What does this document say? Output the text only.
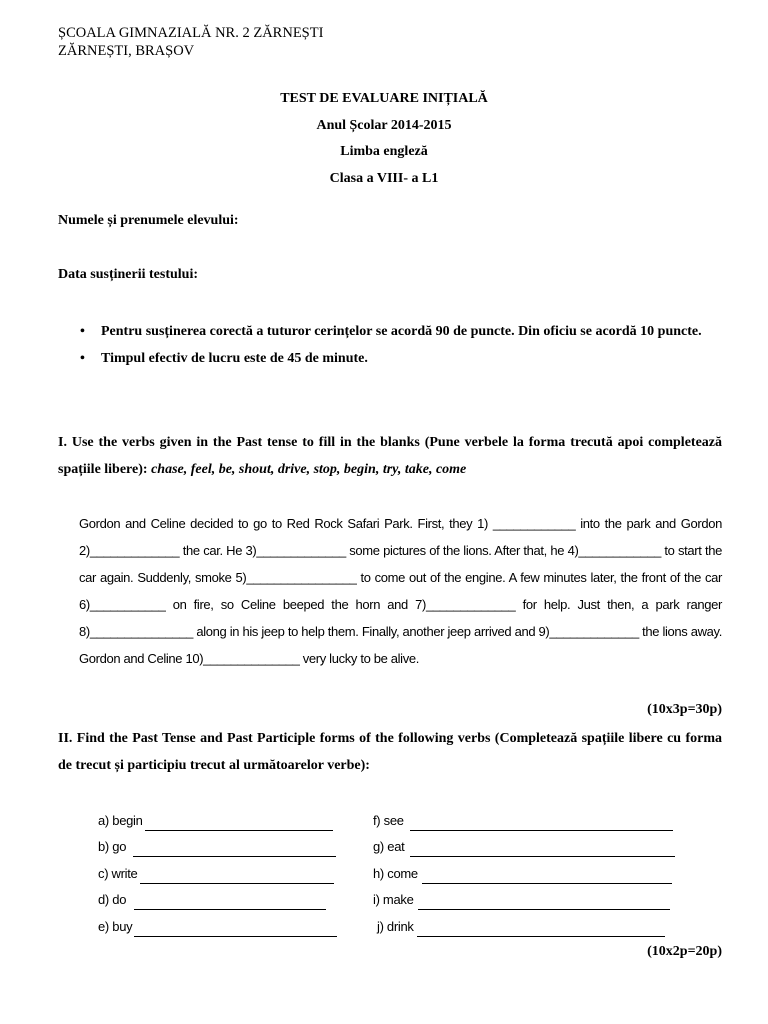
ȘCOALA GIMNAZIALĂ NR. 2 ZĂRNEȘTI
ZĂRNEȘTI, BRAȘOV
TEST DE EVALUARE INIȚIALĂ
Anul Școlar 2014-2015
Limba engleză
Clasa a VIII- a L1
Numele și prenumele elevului:
Data susținerii testului:
• Pentru susținerea corectă a tuturor cerințelor se acordă 90 de puncte. Din oficiu se acordă 10 puncte.
• Timpul efectiv de lucru este de 45 de minute.
I. Use the verbs given in the Past tense to fill in the blanks (Pune verbele la forma trecută apoi completează spațiile libere): chase, feel, be, shout, drive, stop, begin, try, take, come
Gordon and Celine decided to go to Red Rock Safari Park. First, they 1) ____________ into the park and Gordon 2)_____________ the car. He 3)_____________ some pictures of the lions. After that, he 4)____________ to start the car again. Suddenly, smoke 5)________________ to come out of the engine. A few minutes later, the front of the car 6)___________ on fire, so Celine beeped the horn and 7)_____________ for help. Just then, a park ranger 8)_______________ along in his jeep to help them. Finally, another jeep arrived and 9)_____________ the lions away. Gordon and Celine 10)______________ very lucky to be alive.
(10x3p=30p)
II. Find the Past Tense and Past Participle forms of the following verbs (Completează spațiile libere cu forma de trecut și participiu trecut al următoarelor verbe):
a) begin
b) go
c) write
d) do
e) buy
f) see
g) eat
h) come
i) make
j) drink
(10x2p=20p)
